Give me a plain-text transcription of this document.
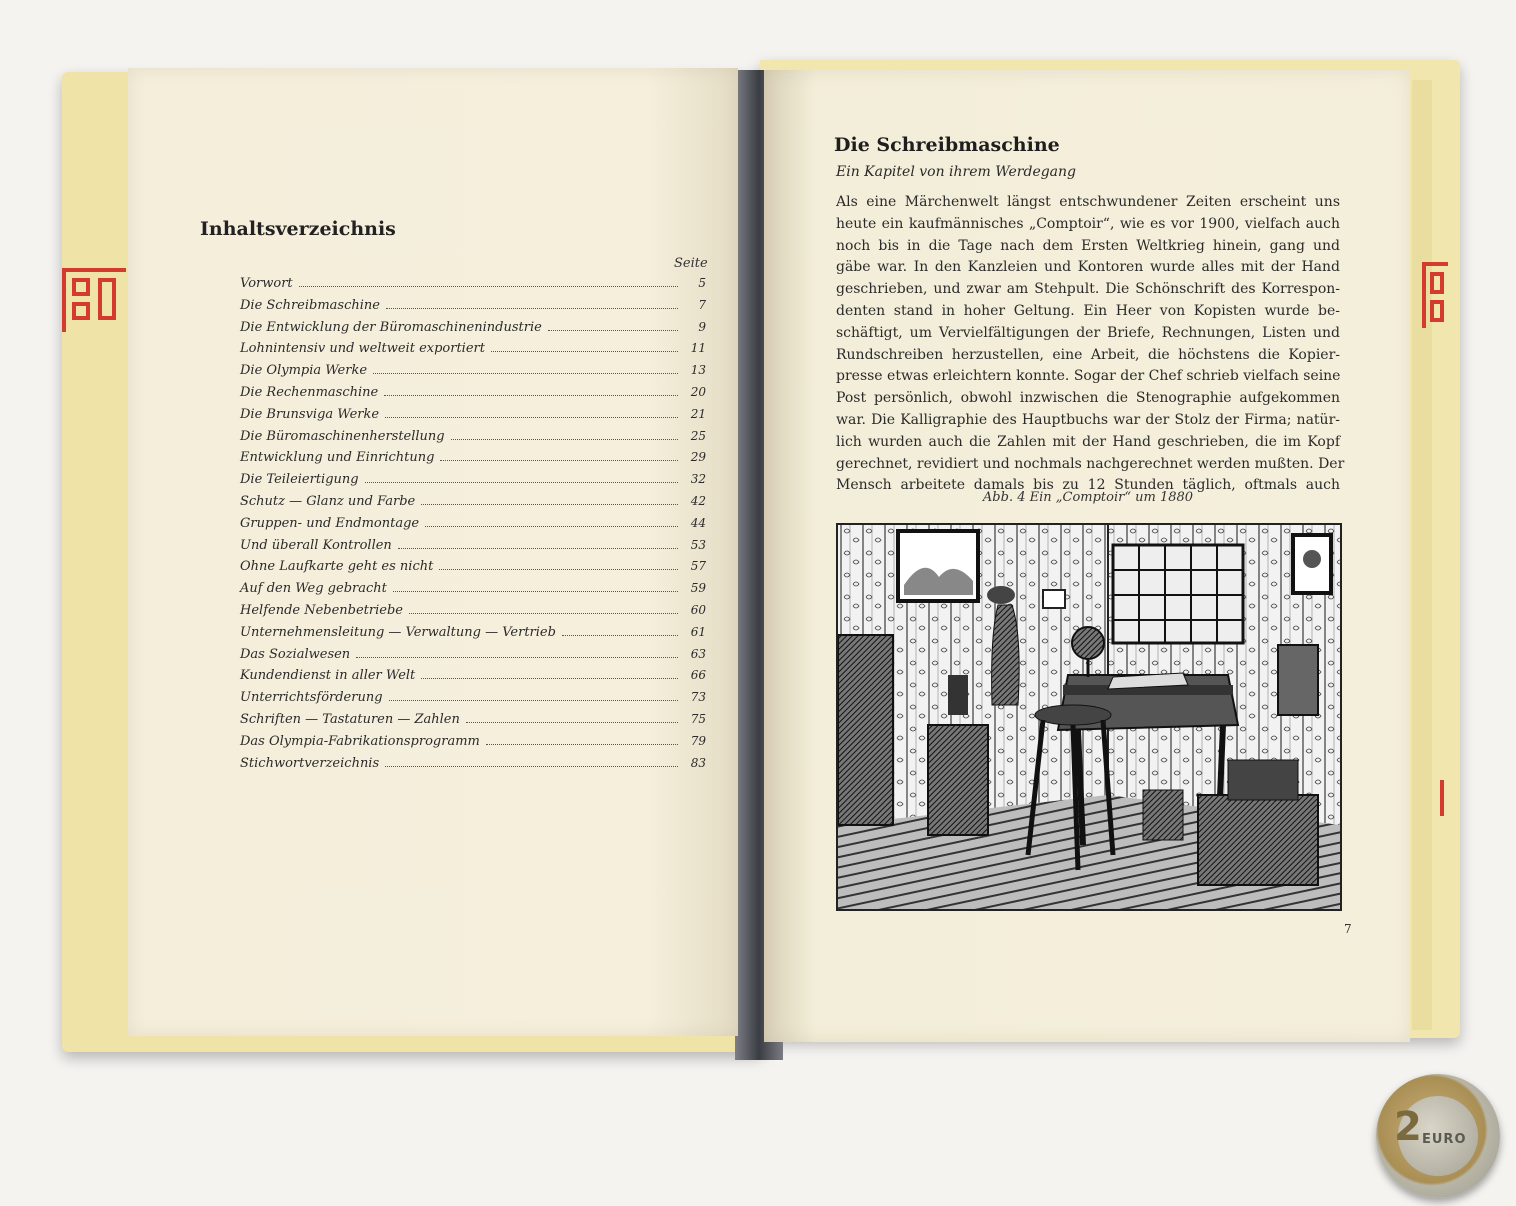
Inhaltsverzeichnis
Seite
Vorwort	5
Die Schreibmaschine	7
Die Entwicklung der Büromaschinenindustrie	9
Lohnintensiv und weltweit exportiert	11
Die Olympia Werke	13
Die Rechenmaschine	20
Die Brunsviga Werke	21
Die Büromaschinenherstellung	25
Entwicklung und Einrichtung	29
Die Teileiertigung	32
Schutz — Glanz und Farbe	42
Gruppen- und Endmontage	44
Und überall Kontrollen	53
Ohne Laufkarte geht es nicht	57
Auf den Weg gebracht	59
Helfende Nebenbetriebe	60
Unternehmensleitung — Verwaltung — Vertrieb	61
Das Sozialwesen	63
Kundendienst in aller Welt	66
Unterrichtsförderung	73
Schriften — Tastaturen — Zahlen	75
Das Olympia-Fabrikationsprogramm	79
Stichwortverzeichnis	83
Die Schreibmaschine
Ein Kapitel von ihrem Werdegang
Als eine Märchenwelt längst entschwundener Zeiten erscheint uns
heute ein kaufmännisches „Comptoir“, wie es vor 1900, vielfach auch
noch bis in die Tage nach dem Ersten Weltkrieg hinein, gang und
gäbe war. In den Kanzleien und Kontoren wurde alles mit der Hand
geschrieben, und zwar am Stehpult. Die Schönschrift des Korrespon-
denten stand in hoher Geltung. Ein Heer von Kopisten wurde be-
schäftigt, um Vervielfältigungen der Briefe, Rechnungen, Listen und
Rundschreiben herzustellen, eine Arbeit, die höchstens die Kopier-
presse etwas erleichtern konnte. Sogar der Chef schrieb vielfach seine
Post persönlich, obwohl inzwischen die Stenographie aufgekommen
war. Die Kalligraphie des Hauptbuchs war der Stolz der Firma; natür-
lich wurden auch die Zahlen mit der Hand geschrieben, die im Kopf
gerechnet, revidiert und nochmals nachgerechnet werden mußten. Der
Mensch arbeitete damals bis zu 12 Stunden täglich, oftmals auch
Abb. 4 Ein „Comptoir“ um 1880
7
2 EURO
